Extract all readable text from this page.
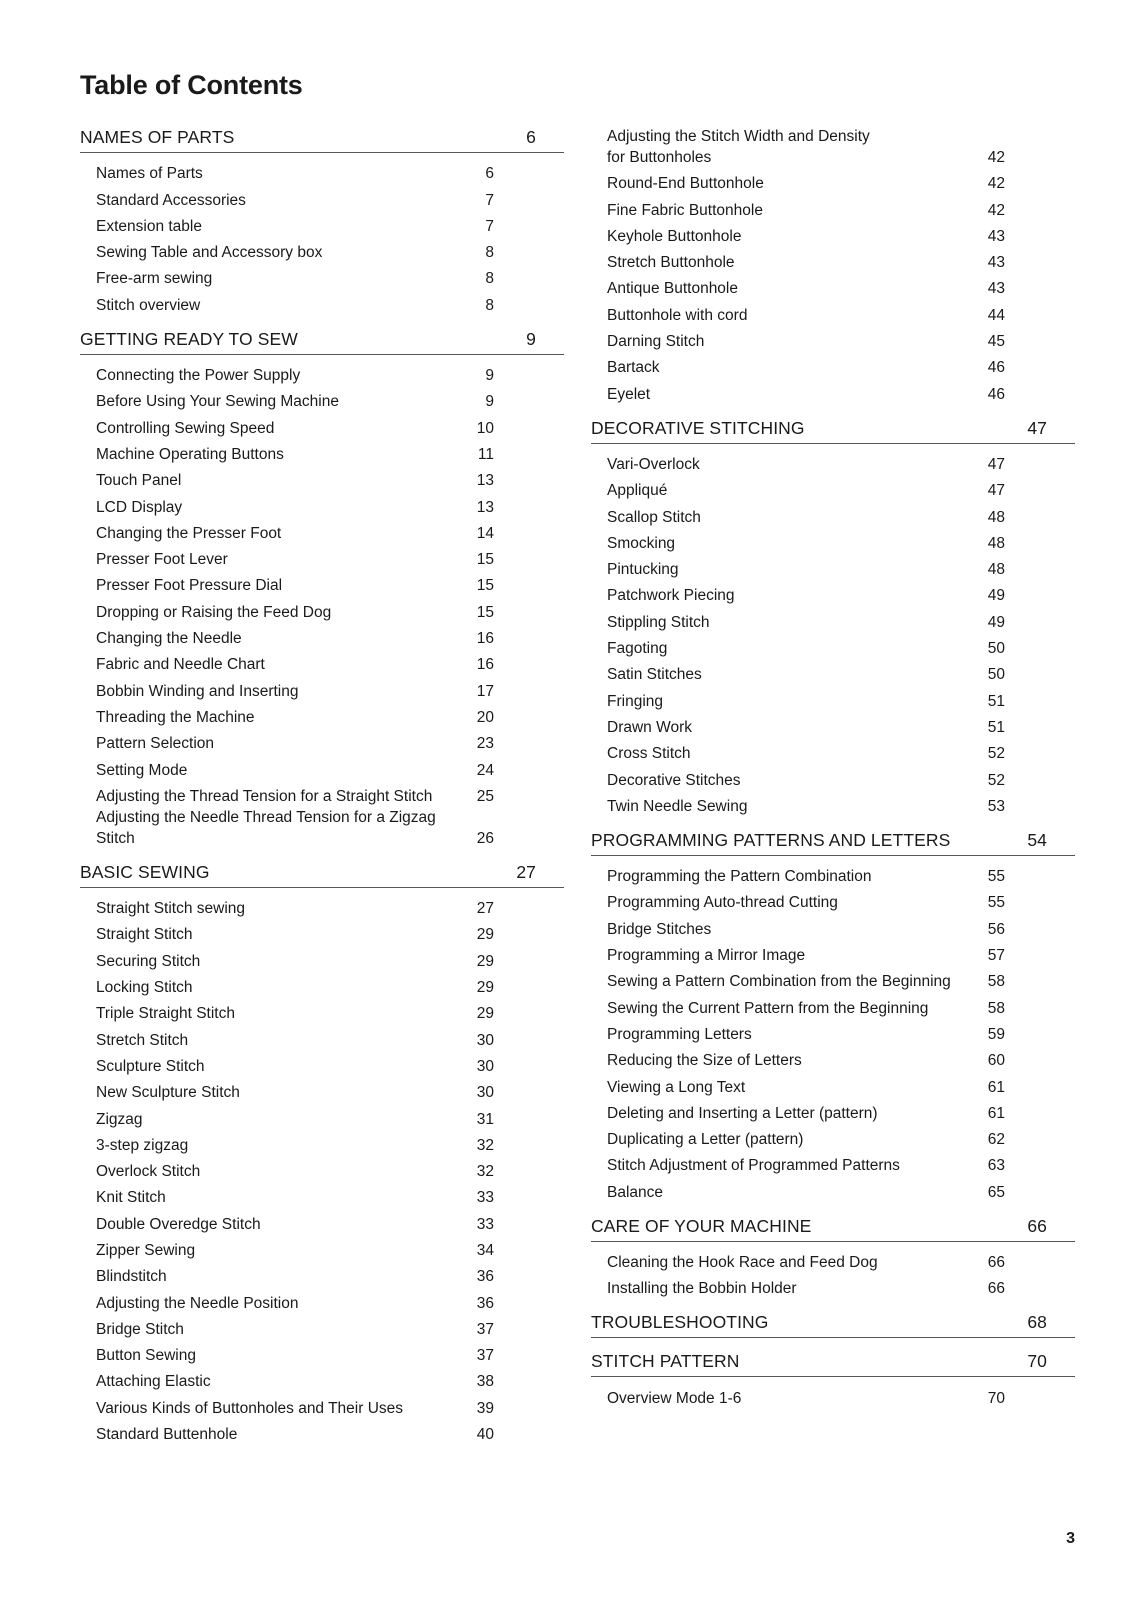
Table of Contents
NAMES OF PARTS	6
Names of Parts	6
Standard Accessories	7
Extension table	7
Sewing Table and Accessory box	8
Free-arm sewing	8
Stitch overview	8
GETTING READY TO SEW	9
Connecting the Power Supply	9
Before Using Your Sewing Machine	9
Controlling Sewing Speed	10
Machine Operating Buttons	11
Touch Panel	13
LCD Display	13
Changing the Presser Foot	14
Presser Foot Lever	15
Presser Foot Pressure Dial	15
Dropping or Raising the Feed Dog	15
Changing the Needle	16
Fabric and Needle Chart	16
Bobbin Winding and Inserting	17
Threading the Machine	20
Pattern Selection	23
Setting Mode	24
Adjusting the Thread Tension for a Straight Stitch	25
Adjusting the Needle Thread Tension for a Zigzag
Stitch	26
BASIC SEWING	27
Straight Stitch sewing	27
Straight Stitch	29
Securing Stitch	29
Locking Stitch	29
Triple Straight Stitch	29
Stretch Stitch	30
Sculpture Stitch	30
New Sculpture Stitch	30
Zigzag	31
3-step zigzag	32
Overlock Stitch	32
Knit Stitch	33
Double Overedge Stitch	33
Zipper Sewing	34
Blindstitch	36
Adjusting the Needle Position	36
Bridge Stitch	37
Button Sewing	37
Attaching Elastic	38
Various Kinds of Buttonholes and Their Uses	39
Standard Buttenhole	40
Adjusting the Stitch Width and Density
for Buttonholes	42
Round-End Buttonhole	42
Fine Fabric Buttonhole	42
Keyhole Buttonhole	43
Stretch Buttonhole	43
Antique Buttonhole	43
Buttonhole with cord	44
Darning Stitch	45
Bartack	46
Eyelet	46
DECORATIVE STITCHING	47
Vari-Overlock	47
Appliqué	47
Scallop Stitch	48
Smocking	48
Pintucking	48
Patchwork Piecing	49
Stippling Stitch	49
Fagoting	50
Satin Stitches	50
Fringing	51
Drawn Work	51
Cross Stitch	52
Decorative Stitches	52
Twin Needle Sewing	53
PROGRAMMING PATTERNS AND LETTERS	54
Programming the Pattern Combination	55
Programming Auto-thread Cutting	55
Bridge Stitches	56
Programming a Mirror Image	57
Sewing a Pattern Combination from the Beginning	58
Sewing the Current Pattern from the Beginning	58
Programming Letters	59
Reducing the Size of Letters	60
Viewing a Long Text	61
Deleting and Inserting a Letter (pattern)	61
Duplicating a Letter (pattern)	62
Stitch Adjustment of Programmed Patterns	63
Balance	65
CARE OF YOUR MACHINE	66
Cleaning the Hook Race and Feed Dog	66
Installing the Bobbin Holder	66
TROUBLESHOOTING	68
STITCH PATTERN	70
Overview Mode 1-6	70
3
